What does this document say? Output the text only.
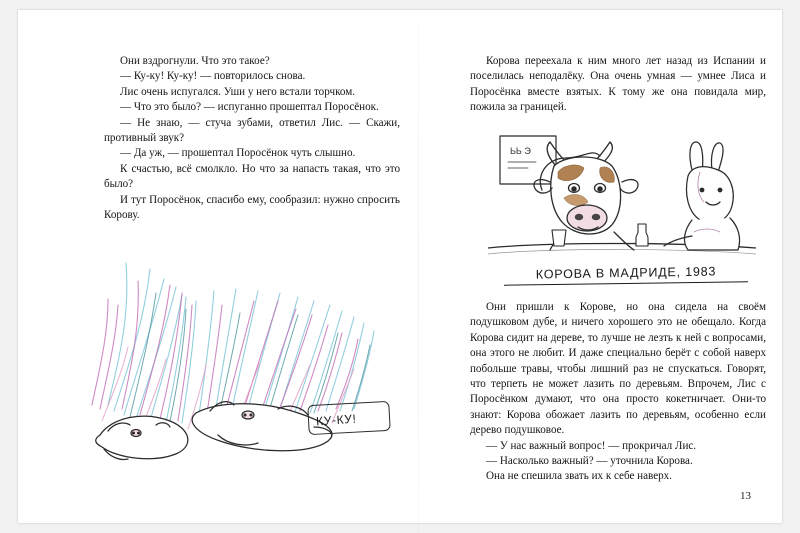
Они вздрогнули. Что это такое?

— Ку-ку! Ку-ку! — повторилось снова.

Лис очень испугался. Уши у него встали торчком.

— Что это было? — испуганно прошептал Поросёнок.

— Не знаю, — стуча зубами, ответил Лис. — Скажи, противный звук?

— Да уж, — прошептал Поросёнок чуть слышно.

К счастью, всё смолкло. Но что за напасть такая, что это было?

И тут Поросёнок, спасибо ему, сообразил: нужно спросить Корову.

КУ-КУ!

Корова переехала к ним много лет назад из Испании и поселилась неподалёку. Она очень умная — умнее Лиса и Поросёнка вместе взятых. К тому же она повидала мир, пожила за границей.

ЬЬ Э
КОРОВА В МАДРИДЕ, 1983

Они пришли к Корове, но она сидела на своём подушковом дубе, и ничего хорошего это не обещало. Когда Корова сидит на дереве, то лучше не лезть к ней с вопросами, она этого не любит. И даже специально берёт с собой наверх побольше травы, чтобы лишний раз не спускаться. Говорят, что терпеть не может лазить по деревьям. Впрочем, Лис с Поросёнком думают, что она просто кокетничает. Они-то знают: Корова обожает лазить по деревьям, особенно если дерево подушковое.

— У нас важный вопрос! — прокричал Лис.

— Насколько важный? — уточнила Корова.

Она не спешила звать их к себе наверх.

13
